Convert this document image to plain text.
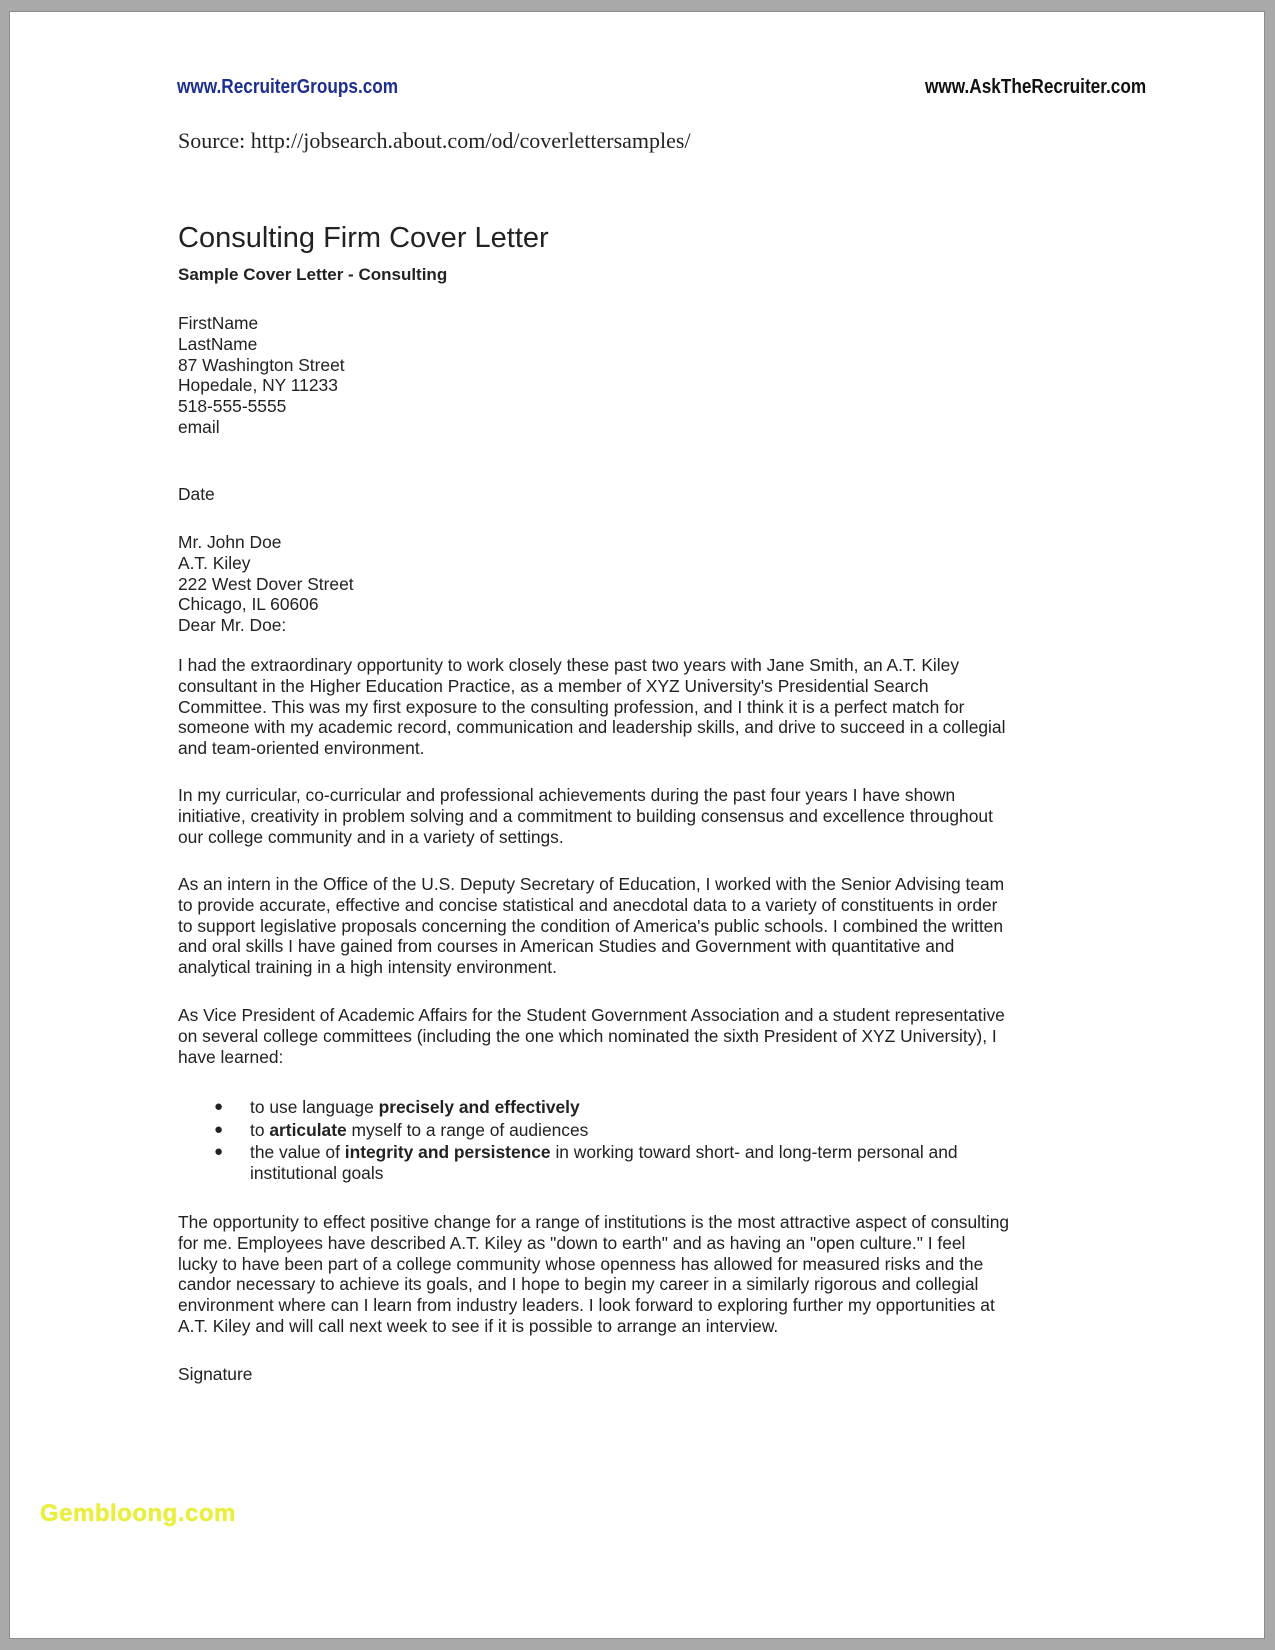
www.RecruiterGroups.com	www.AskTheRecruiter.com
Source: http://jobsearch.about.com/od/coverlettersamples/
Consulting Firm Cover Letter
Sample Cover Letter - Consulting
FirstName
LastName
87 Washington Street
Hopedale, NY 11233
518-555-5555
email
Date
Mr. John Doe
A.T. Kiley
222 West Dover Street
Chicago, IL 60606
Dear Mr. Doe:
I had the extraordinary opportunity to work closely these past two years with Jane Smith, an A.T. Kiley
consultant in the Higher Education Practice, as a member of XYZ University's Presidential Search
Committee. This was my first exposure to the consulting profession, and I think it is a perfect match for
someone with my academic record, communication and leadership skills, and drive to succeed in a collegial
and team-oriented environment.
In my curricular, co-curricular and professional achievements during the past four years I have shown
initiative, creativity in problem solving and a commitment to building consensus and excellence throughout
our college community and in a variety of settings.
As an intern in the Office of the U.S. Deputy Secretary of Education, I worked with the Senior Advising team
to provide accurate, effective and concise statistical and anecdotal data to a variety of constituents in order
to support legislative proposals concerning the condition of America's public schools. I combined the written
and oral skills I have gained from courses in American Studies and Government with quantitative and
analytical training in a high intensity environment.
As Vice President of Academic Affairs for the Student Government Association and a student representative
on several college committees (including the one which nominated the sixth President of XYZ University), I
have learned:
● to use language precisely and effectively
● to articulate myself to a range of audiences
● the value of integrity and persistence in working toward short- and long-term personal and
institutional goals
The opportunity to effect positive change for a range of institutions is the most attractive aspect of consulting
for me. Employees have described A.T. Kiley as "down to earth" and as having an "open culture." I feel
lucky to have been part of a college community whose openness has allowed for measured risks and the
candor necessary to achieve its goals, and I hope to begin my career in a similarly rigorous and collegial
environment where can I learn from industry leaders. I look forward to exploring further my opportunities at
A.T. Kiley and will call next week to see if it is possible to arrange an interview.
Signature
Gembloong.com
